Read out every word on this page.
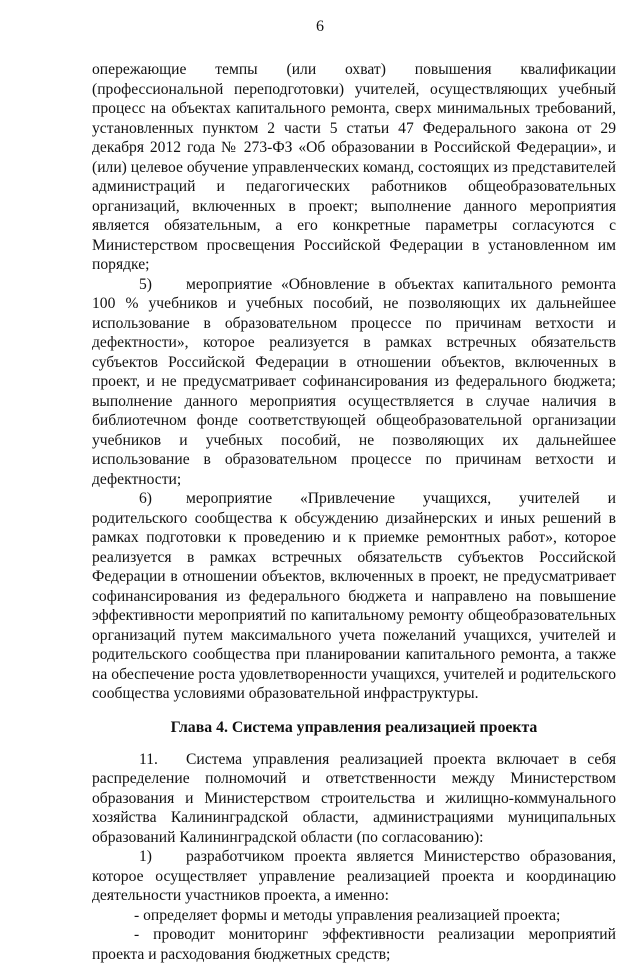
6

опережающие темпы (или охват) повышения квалификации (профессиональной переподготовки) учителей, осуществляющих учебный процесс на объектах капитального ремонта, сверх минимальных требований, установленных пунктом 2 части 5 статьи 47 Федерального закона от 29 декабря 2012 года № 273-ФЗ «Об образовании в Российской Федерации», и (или) целевое обучение управленческих команд, состоящих из представителей администраций и педагогических работников общеобразовательных организаций, включенных в проект; выполнение данного мероприятия является обязательным, а его конкретные параметры согласуются с Министерством просвещения Российской Федерации в установленном им порядке;

5) мероприятие «Обновление в объектах капитального ремонта 100 % учебников и учебных пособий, не позволяющих их дальнейшее использование в образовательном процессе по причинам ветхости и дефектности», которое реализуется в рамках встречных обязательств субъектов Российской Федерации в отношении объектов, включенных в проект, и не предусматривает софинансирования из федерального бюджета; выполнение данного мероприятия осуществляется в случае наличия в библиотечном фонде соответствующей общеобразовательной организации учебников и учебных пособий, не позволяющих их дальнейшее использование в образовательном процессе по причинам ветхости и дефектности;

6) мероприятие «Привлечение учащихся, учителей и родительского сообщества к обсуждению дизайнерских и иных решений в рамках подготовки к проведению и к приемке ремонтных работ», которое реализуется в рамках встречных обязательств субъектов Российской Федерации в отношении объектов, включенных в проект, не предусматривает софинансирования из федерального бюджета и направлено на повышение эффективности мероприятий по капитальному ремонту общеобразовательных организаций путем максимального учета пожеланий учащихся, учителей и родительского сообщества при планировании капитального ремонта, а также на обеспечение роста удовлетворенности учащихся, учителей и родительского сообщества условиями образовательной инфраструктуры.

Глава 4. Система управления реализацией проекта

11. Система управления реализацией проекта включает в себя распределение полномочий и ответственности между Министерством образования и Министерством строительства и жилищно-коммунального хозяйства Калининградской области, администрациями муниципальных образований Калининградской области (по согласованию):

1) разработчиком проекта является Министерство образования, которое осуществляет управление реализацией проекта и координацию деятельности участников проекта, а именно:

- определяет формы и методы управления реализацией проекта;

- проводит мониторинг эффективности реализации мероприятий проекта и расходования бюджетных средств;
